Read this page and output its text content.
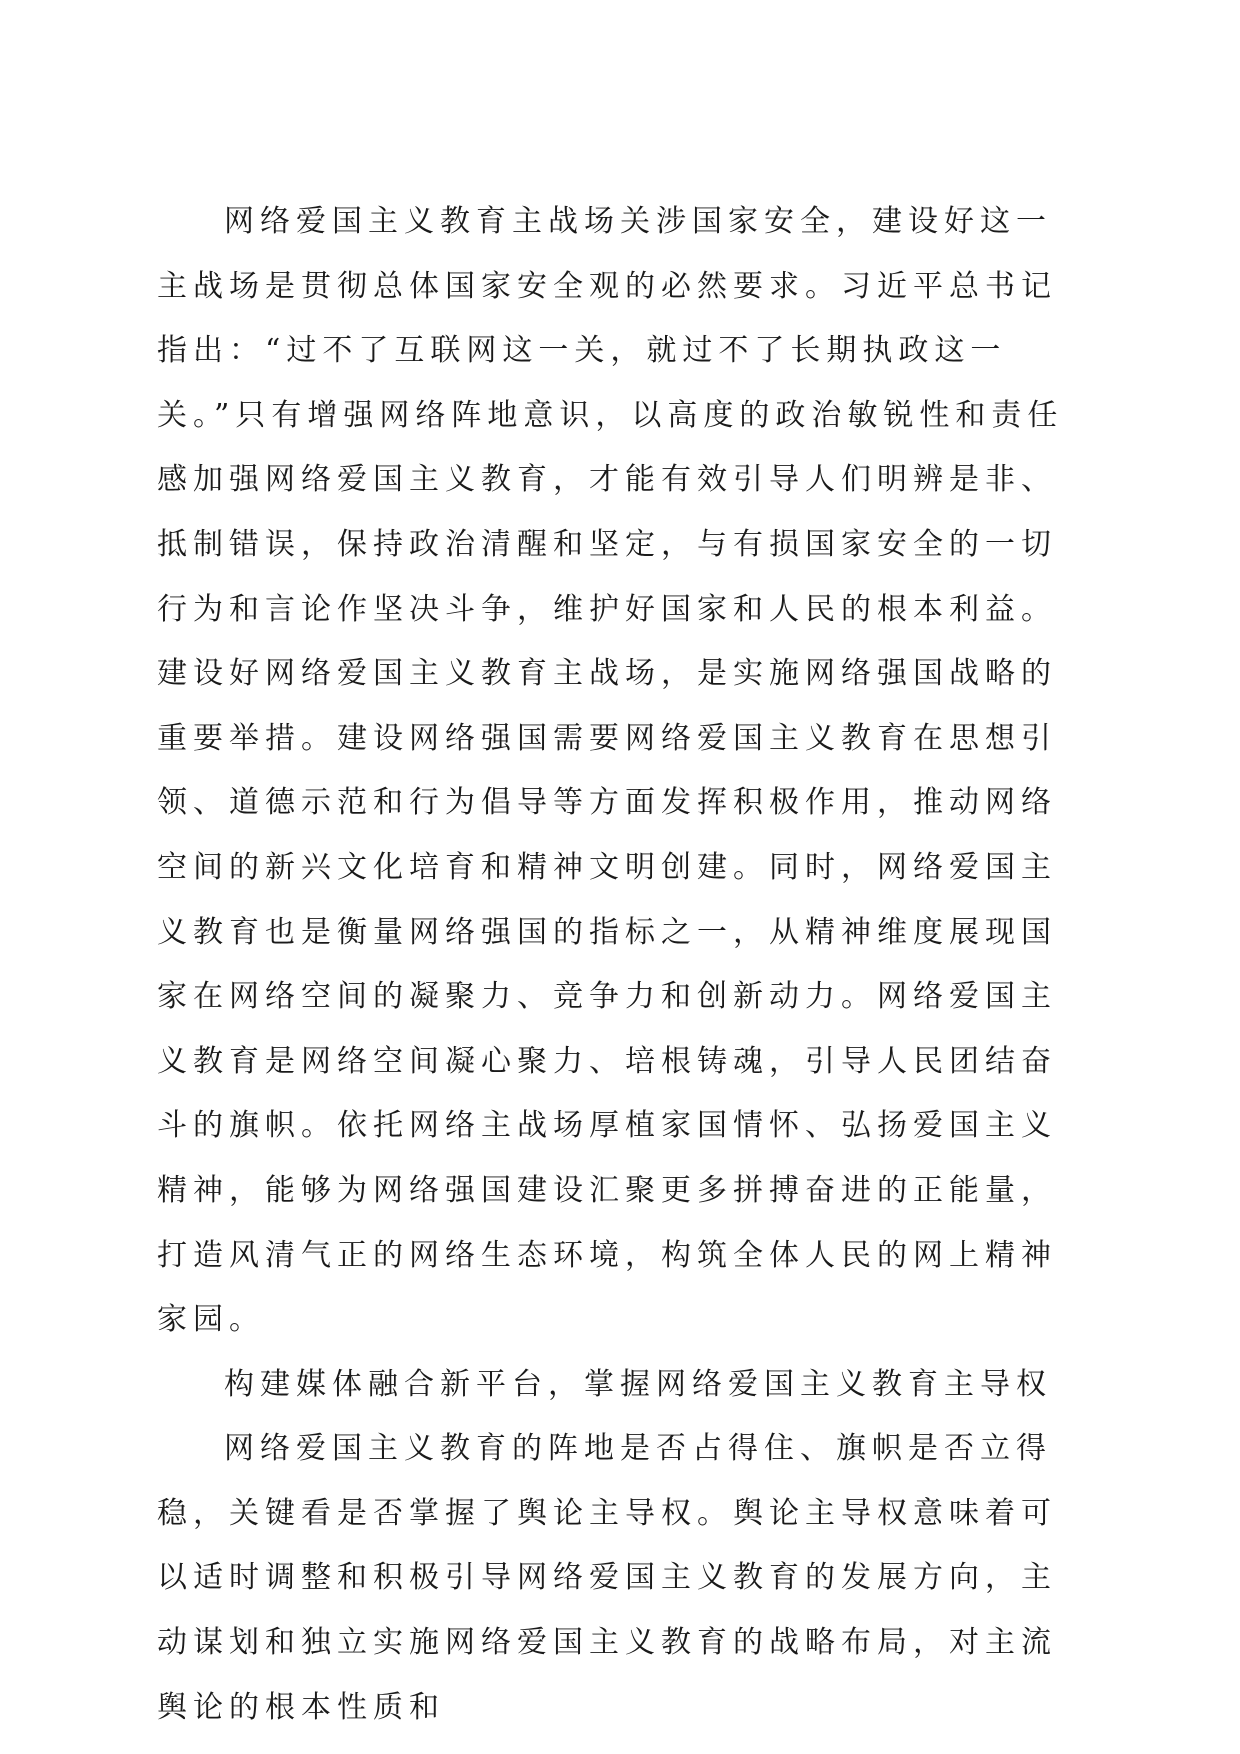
网络爱国主义教育主战场关涉国家安全，建设好这一主战场是贯彻总体国家安全观的必然要求。习近平总书记指出：“过不了互联网这一关，就过不了长期执政这一关。”只有增强网络阵地意识，以高度的政治敏锐性和责任感加强网络爱国主义教育，才能有效引导人们明辨是非、抵制错误，保持政治清醒和坚定，与有损国家安全的一切行为和言论作坚决斗争，维护好国家和人民的根本利益。建设好网络爱国主义教育主战场，是实施网络强国战略的重要举措。建设网络强国需要网络爱国主义教育在思想引领、道德示范和行为倡导等方面发挥积极作用，推动网络空间的新兴文化培育和精神文明创建。同时，网络爱国主义教育也是衡量网络强国的指标之一，从精神维度展现国家在网络空间的凝聚力、竞争力和创新动力。网络爱国主义教育是网络空间凝心聚力、培根铸魂，引导人民团结奋斗的旗帜。依托网络主战场厚植家国情怀、弘扬爱国主义精神，能够为网络强国建设汇聚更多拼搏奋进的正能量，打造风清气正的网络生态环境，构筑全体人民的网上精神家园。

构建媒体融合新平台，掌握网络爱国主义教育主导权

网络爱国主义教育的阵地是否占得住、旗帜是否立得稳，关键看是否掌握了舆论主导权。舆论主导权意味着可以适时调整和积极引导网络爱国主义教育的发展方向，主动谋划和独立实施网络爱国主义教育的战略布局，对主流舆论的根本性质和
